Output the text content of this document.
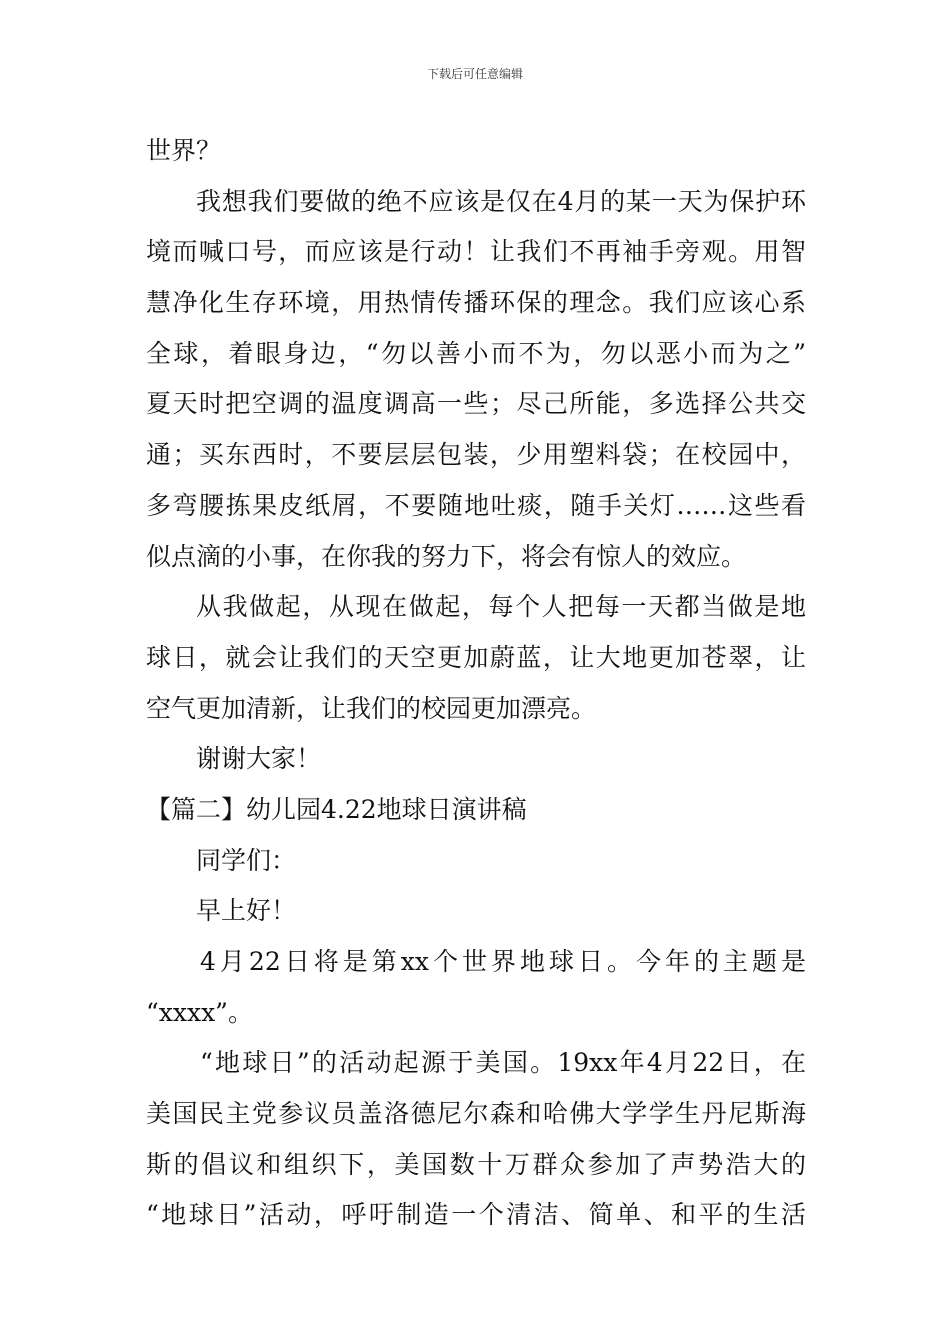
下载后可任意编辑
世界？
我想我们要做的绝不应该是仅在4月的某一天为保护环
境而喊口号，而应该是行动！让我们不再袖手旁观。用智
慧净化生存环境，用热情传播环保的理念。我们应该心系
全球，着眼身边，“勿以善小而不为，勿以恶小而为之”
夏天时把空调的温度调高一些；尽己所能，多选择公共交
通；买东西时，不要层层包装，少用塑料袋；在校园中，
多弯腰拣果皮纸屑，不要随地吐痰，随手关灯……这些看
似点滴的小事，在你我的努力下，将会有惊人的效应。
从我做起，从现在做起，每个人把每一天都当做是地
球日，就会让我们的天空更加蔚蓝，让大地更加苍翠，让
空气更加清新，让我们的校园更加漂亮。
谢谢大家！
【篇二】幼儿园4.22地球日演讲稿
同学们：
早上好！
4月22日将是第xx个世界地球日。今年的主题是
“xxxx”。
“地球日”的活动起源于美国。19xx年4月22日，在
美国民主党参议员盖洛德尼尔森和哈佛大学学生丹尼斯海
斯的倡议和组织下，美国数十万群众参加了声势浩大的
“地球日”活动，呼吁制造一个清洁、简单、和平的生活
